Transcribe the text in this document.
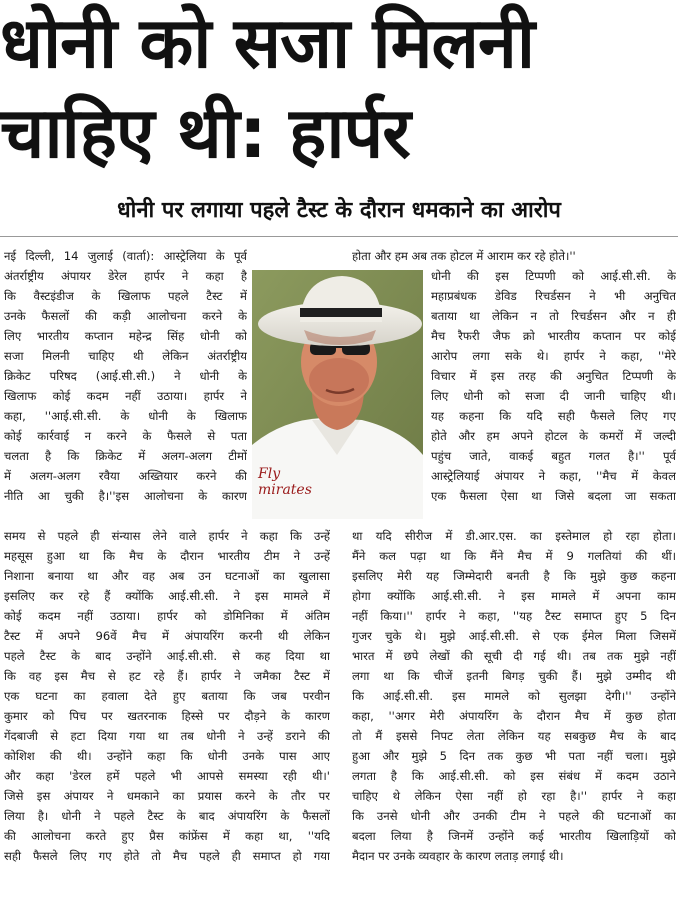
धोनी को सजा मिलनी
चाहिए थी: हार्पर
धोनी पर लगाया पहले टैस्ट के दौरान धमकाने का आरोप
Fly
mirates
नई दिल्ली, 14 जुलाई (वार्ता): आस्ट्रेलिया के पूर्व
अंतर्राष्ट्रीय अंपायर डेरेल हार्पर ने कहा है
कि वैस्टइंडीज के खिलाफ पहले टैस्ट में
उनके फैसलों की कड़ी आलोचना करने के
लिए भारतीय कप्तान महेन्द्र सिंह धोनी को
सजा मिलनी चाहिए थी लेकिन अंतर्राष्ट्रीय
क्रिकेट परिषद (आई.सी.सी.) ने धोनी के
खिलाफ कोई कदम नहीं उठाया। हार्पर ने
कहा, ''आई.सी.सी. के धोनी के खिलाफ
कोई कार्रवाई न करने के फैसले से पता
चलता है कि क्रिकेट में अलग-अलग टीमों
में अलग-अलग रवैया अख्तियार करने की
नीति आ चुकी है।''इस आलोचना के कारण
समय से पहले ही संन्यास लेने वाले हार्पर ने कहा कि उन्हें
महसूस हुआ था कि मैच के दौरान भारतीय टीम ने उन्हें
निशाना बनाया था और वह अब उन घटनाओं का खुलासा
इसलिए कर रहे हैं क्योंकि आई.सी.सी. ने इस मामले में
कोई कदम नहीं उठाया। हार्पर को डोमिनिका में अंतिम
टैस्ट में अपने 96वें मैच में अंपायरिंग करनी थी लेकिन
पहले टैस्ट के बाद उन्होंने आई.सी.सी. से कह दिया था
कि वह इस मैच से हट रहे हैं। हार्पर ने जमैका टैस्ट में
एक घटना का हवाला देते हुए बताया कि जब परवीन
कुमार को पिच पर खतरनाक हिस्से पर दौड़ने के कारण
गेंदबाजी से हटा दिया गया था तब धोनी ने उन्हें डराने की
कोशिश की थी। उन्होंने कहा कि धोनी उनके पास आए
और कहा 'डेरल हमें पहले भी आपसे समस्या रही थी।'
जिसे इस अंपायर ने धमकाने का प्रयास करने के तौर पर
लिया है। धोनी ने पहले टैस्ट के बाद अंपायरिंग के फैसलों
की आलोचना करते हुए प्रैस कांफ्रेंस में कहा था, ''यदि
सही फैसले लिए गए होते तो मैच पहले ही समाप्त हो गया
होता और हम अब तक होटल में आराम कर रहे होते।''
धोनी की इस टिप्पणी को आई.सी.सी. के
महाप्रबंधक डेविड रिचर्डसन ने भी अनुचित
बताया था लेकिन न तो रिचर्डसन और न ही
मैच रैफरी जैफ क्रो भारतीय कप्तान पर कोई
आरोप लगा सके थे। हार्पर ने कहा, ''मेरे
विचार में इस तरह की अनुचित टिप्पणी के
लिए धोनी को सजा दी जानी चाहिए थी।
यह कहना कि यदि सही फैसले लिए गए
होते और हम अपने होटल के कमरों में जल्दी
पहुंच जाते, वाकई बहुत गलत है।'' पूर्व
आस्ट्रेलियाई अंपायर ने कहा, ''मैच में केवल
एक फैसला ऐसा था जिसे बदला जा सकता
था यदि सीरीज में डी.आर.एस. का इस्तेमाल हो रहा होता।
मैंने कल पढ़ा था कि मैंने मैच में 9 गलतियां की थीं।
इसलिए मेरी यह जिम्मेदारी बनती है कि मुझे कुछ कहना
होगा क्योंकि आई.सी.सी. ने इस मामले में अपना काम
नहीं किया।'' हार्पर ने कहा, ''यह टैस्ट समाप्त हुए 5 दिन
गुजर चुके थे। मुझे आई.सी.सी. से एक ईमेल मिला जिसमें
भारत में छपे लेखों की सूची दी गई थी। तब तक मुझे नहीं
लगा था कि चीजें इतनी बिगड़ चुकी हैं। मुझे उम्मीद थी
कि आई.सी.सी. इस मामले को सुलझा देगी।'' उन्होंने
कहा, ''अगर मेरी अंपायरिंग के दौरान मैच में कुछ होता
तो मैं इससे निपट लेता लेकिन यह सबकुछ मैच के बाद
हुआ और मुझे 5 दिन तक कुछ भी पता नहीं चला। मुझे
लगता है कि आई.सी.सी. को इस संबंध में कदम उठाने
चाहिए थे लेकिन ऐसा नहीं हो रहा है।'' हार्पर ने कहा
कि उनसे धोनी और उनकी टीम ने पहले की घटनाओं का
बदला लिया है जिनमें उन्होंने कई भारतीय खिलाड़ियों को
मैदान पर उनके व्यवहार के कारण लताड़ लगाई थी।
